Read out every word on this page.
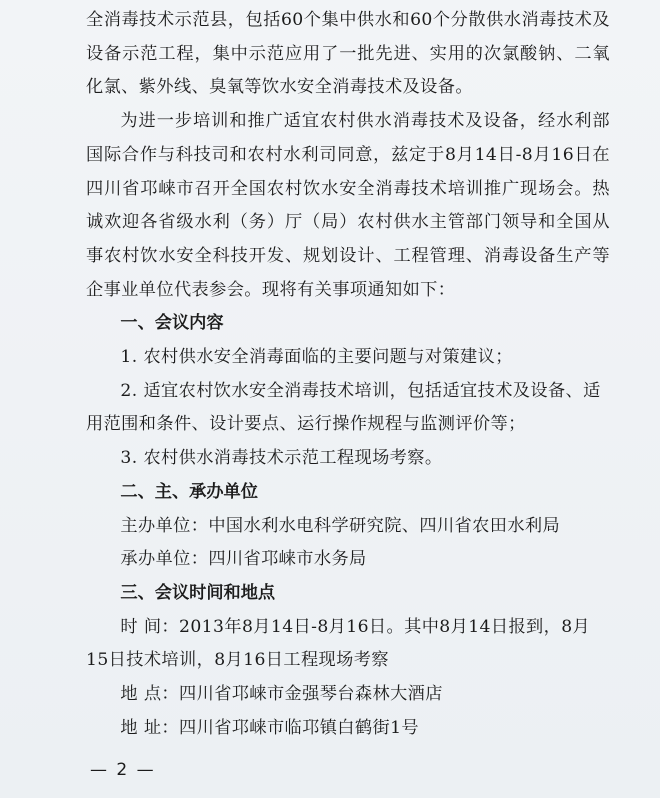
全消毒技术示范县，包括60个集中供水和60个分散供水消毒技术及设备示范工程，集中示范应用了一批先进、实用的次氯酸钠、二氧化氯、紫外线、臭氧等饮水安全消毒技术及设备。

为进一步培训和推广适宜农村供水消毒技术及设备，经水利部国际合作与科技司和农村水利司同意，兹定于8月14日-8月16日在四川省邛崃市召开全国农村饮水安全消毒技术培训推广现场会。热诚欢迎各省级水利（务）厅（局）农村供水主管部门领导和全国从事农村饮水安全科技开发、规划设计、工程管理、消毒设备生产等企事业单位代表参会。现将有关事项通知如下：

一、会议内容

1. 农村供水安全消毒面临的主要问题与对策建议；

2. 适宜农村饮水安全消毒技术培训，包括适宜技术及设备、适用范围和条件、设计要点、运行操作规程与监测评价等；

3. 农村供水消毒技术示范工程现场考察。

二、主、承办单位

主办单位：中国水利水电科学研究院、四川省农田水利局

承办单位：四川省邛崃市水务局

三、会议时间和地点

时 间：2013年8月14日-8月16日。其中8月14日报到，8月15日技术培训，8月16日工程现场考察

地 点：四川省邛崃市金强琴台森林大酒店

地 址：四川省邛崃市临邛镇白鹤街1号

— 2 —
